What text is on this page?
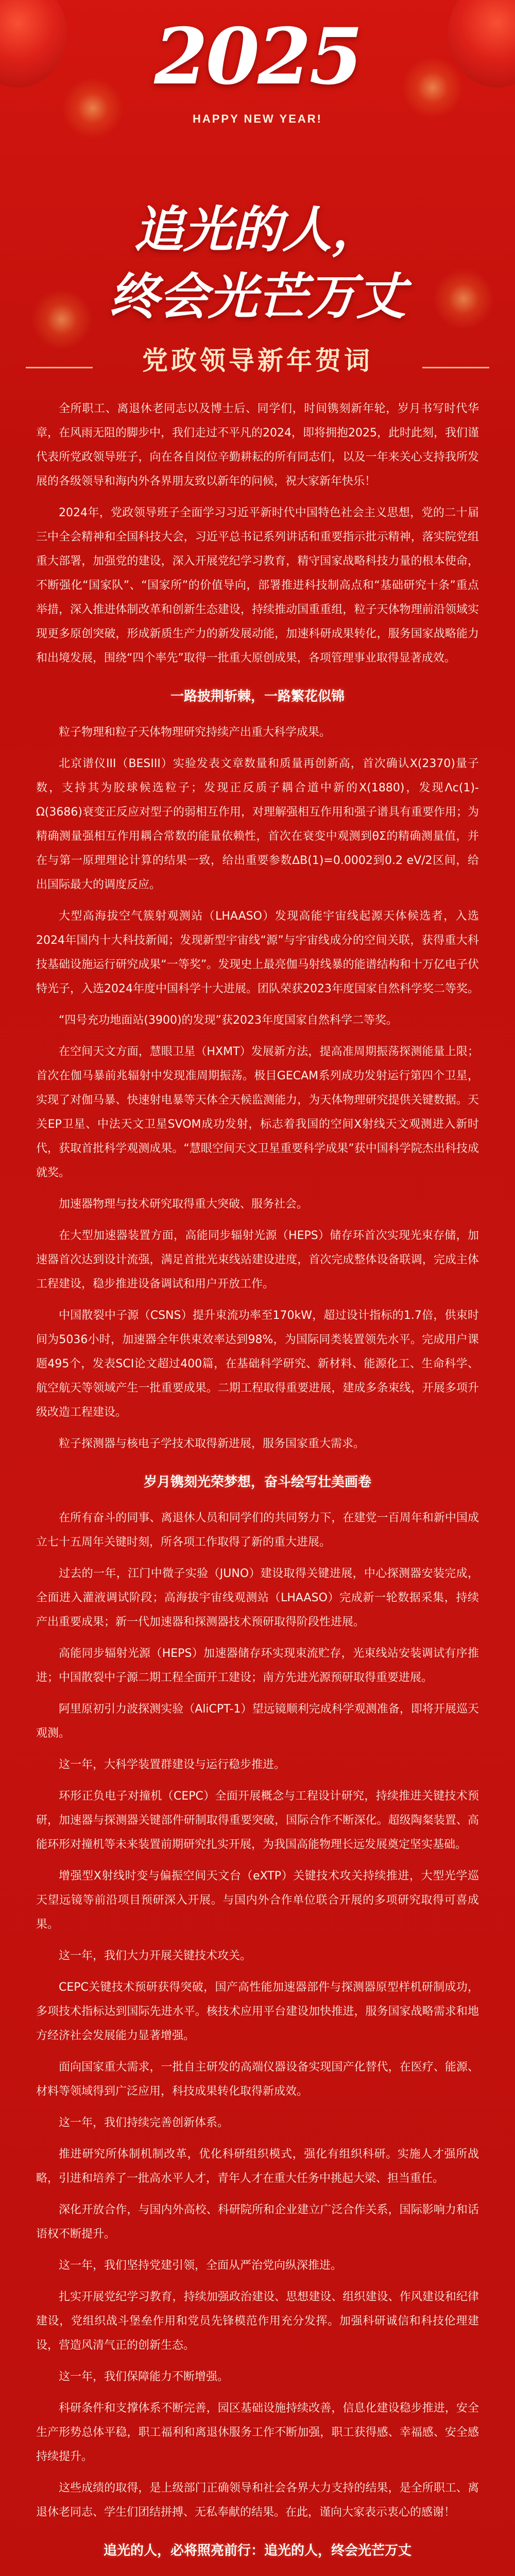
2025
HAPPY NEW YEAR!
追光的人，
终会光芒万丈
党政领导新年贺词

全所职工、离退休老同志以及博士后、同学们，时间镌刻新年轮，岁月书写时代华章，在风雨无阻的脚步中，我们走过不平凡的2024，即将拥抱2025，此时此刻，我们谨代表所党政领导班子，向在各自岗位辛勤耕耘的所有同志们，以及一年来关心支持我所发展的各级领导和海内外各界朋友致以新年的问候，祝大家新年快乐！

2024年，党政领导班子全面学习习近平新时代中国特色社会主义思想，党的二十届三中全会精神和全国科技大会，习近平总书记系列讲话和重要指示批示精神，落实院党组重大部署，加强党的建设，深入开展党纪学习教育，精守国家战略科技力量的根本使命，不断强化“国家队”、“国家所”的价值导向，部署推进科技制高点和“基础研究十条”重点举措，深入推进体制改革和创新生态建设，持续推动国重重组，粒子天体物理前沿领域实现更多原创突破，形成新质生产力的新发展动能，加速科研成果转化，服务国家战略能力和出境发展，围绕“四个率先”取得一批重大原创成果，各项管理事业取得显著成效。

一路披荆斩棘，一路繁花似锦

粒子物理和粒子天体物理研究持续产出重大科学成果。

北京谱仪III（BESIII）实验发表文章数量和质量再创新高，首次确认X(2370)量子数，支持其为胶球候选粒子；发现正反质子耦合道中新的X(1880)，发现Λc(1)-Ω(3686)衰变正反应对型子的弱相互作用，对理解强相互作用和强子谱具有重要作用；为精确测量强相互作用耦合常数的能量依赖性，首次在衰变中观测到θΣ的精确测量值，并在与第一原理理论计算的结果一致，给出重要参数ΔB(1)=0.0002到0.2 eV/2区间，给出国际最大的调度反应。

大型高海拔空气簇射观测站（LHAASO）发现高能宇宙线起源天体候选者，入选2024年国内十大科技新闻；发现新型宇宙线“源”与宇宙线成分的空间关联，获得重大科技基础设施运行研究成果“一等奖”。发现史上最亮伽马射线暴的能谱结构和十万亿电子伏特光子，入选2024年度中国科学十大进展。团队荣获2023年度国家自然科学奖二等奖。

“四号充功地面站(3900)的发现”获2023年度国家自然科学二等奖。

在空间天文方面，慧眼卫星（HXMT）发展新方法，提高准周期振荡探测能量上限；首次在伽马暴前兆辐射中发现准周期振荡。极目GECAM系列成功发射运行第四个卫星，实现了对伽马暴、快速射电暴等天体全天候监测能力，为天体物理研究提供关键数据。天关EP卫星、中法天文卫星SVOM成功发射，标志着我国的空间X射线天文观测进入新时代，获取首批科学观测成果。“慧眼空间天文卫星重要科学成果”获中国科学院杰出科技成就奖。

加速器物理与技术研究取得重大突破、服务社会。

在大型加速器装置方面，高能同步辐射光源（HEPS）储存环首次实现光束存储，加速器首次达到设计流强，满足首批光束线站建设进度，首次完成整体设备联调，完成主体工程建设，稳步推进设备调试和用户开放工作。

中国散裂中子源（CSNS）提升束流功率至170kW，超过设计指标的1.7倍，供束时间为5036小时，加速器全年供束效率达到98%，为国际同类装置领先水平。完成用户课题495个，发表SCI论文超过400篇，在基础科学研究、新材料、能源化工、生命科学、航空航天等领域产生一批重要成果。二期工程取得重要进展，建成多条束线，开展多项升级改造工程建设。

粒子探测器与核电子学技术取得新进展，服务国家重大需求。

岁月镌刻光荣梦想，奋斗绘写壮美画卷

在所有奋斗的同事、离退休人员和同学们的共同努力下，在建党一百周年和新中国成立七十五周年关键时刻，所各项工作取得了新的重大进展。

过去的一年，江门中微子实验（JUNO）建设取得关键进展，中心探测器安装完成，全面进入灌液调试阶段；高海拔宇宙线观测站（LHAASO）完成新一轮数据采集，持续产出重要成果；新一代加速器和探测器技术预研取得阶段性进展。

高能同步辐射光源（HEPS）加速器储存环实现束流贮存，光束线站安装调试有序推进；中国散裂中子源二期工程全面开工建设；南方先进光源预研取得重要进展。

阿里原初引力波探测实验（AliCPT-1）望远镜顺利完成科学观测准备，即将开展巡天观测。

这一年，大科学装置群建设与运行稳步推进。

环形正负电子对撞机（CEPC）全面开展概念与工程设计研究，持续推进关键技术预研，加速器与探测器关键部件研制取得重要突破，国际合作不断深化。超级陶粲装置、高能环形对撞机等未来装置前期研究扎实开展，为我国高能物理长远发展奠定坚实基础。

增强型X射线时变与偏振空间天文台（eXTP）关键技术攻关持续推进，大型光学巡天望远镜等前沿项目预研深入开展。与国内外合作单位联合开展的多项研究取得可喜成果。

这一年，我们大力开展关键技术攻关。

CEPC关键技术预研获得突破，国产高性能加速器部件与探测器原型样机研制成功，多项技术指标达到国际先进水平。核技术应用平台建设加快推进，服务国家战略需求和地方经济社会发展能力显著增强。

面向国家重大需求，一批自主研发的高端仪器设备实现国产化替代，在医疗、能源、材料等领域得到广泛应用，科技成果转化取得新成效。

这一年，我们持续完善创新体系。

推进研究所体制机制改革，优化科研组织模式，强化有组织科研。实施人才强所战略，引进和培养了一批高水平人才，青年人才在重大任务中挑起大梁、担当重任。

深化开放合作，与国内外高校、科研院所和企业建立广泛合作关系，国际影响力和话语权不断提升。

这一年，我们坚持党建引领，全面从严治党向纵深推进。

扎实开展党纪学习教育，持续加强政治建设、思想建设、组织建设、作风建设和纪律建设，党组织战斗堡垒作用和党员先锋模范作用充分发挥。加强科研诚信和科技伦理建设，营造风清气正的创新生态。

这一年，我们保障能力不断增强。

科研条件和支撑体系不断完善，园区基础设施持续改善，信息化建设稳步推进，安全生产形势总体平稳，职工福利和离退休服务工作不断加强，职工获得感、幸福感、安全感持续提升。

这些成绩的取得，是上级部门正确领导和社会各界大力支持的结果，是全所职工、离退休老同志、学生们团结拼搏、无私奉献的结果。在此，谨向大家表示衷心的感谢！

追光的人，必将照亮前行：追光的人，终会光芒万丈
